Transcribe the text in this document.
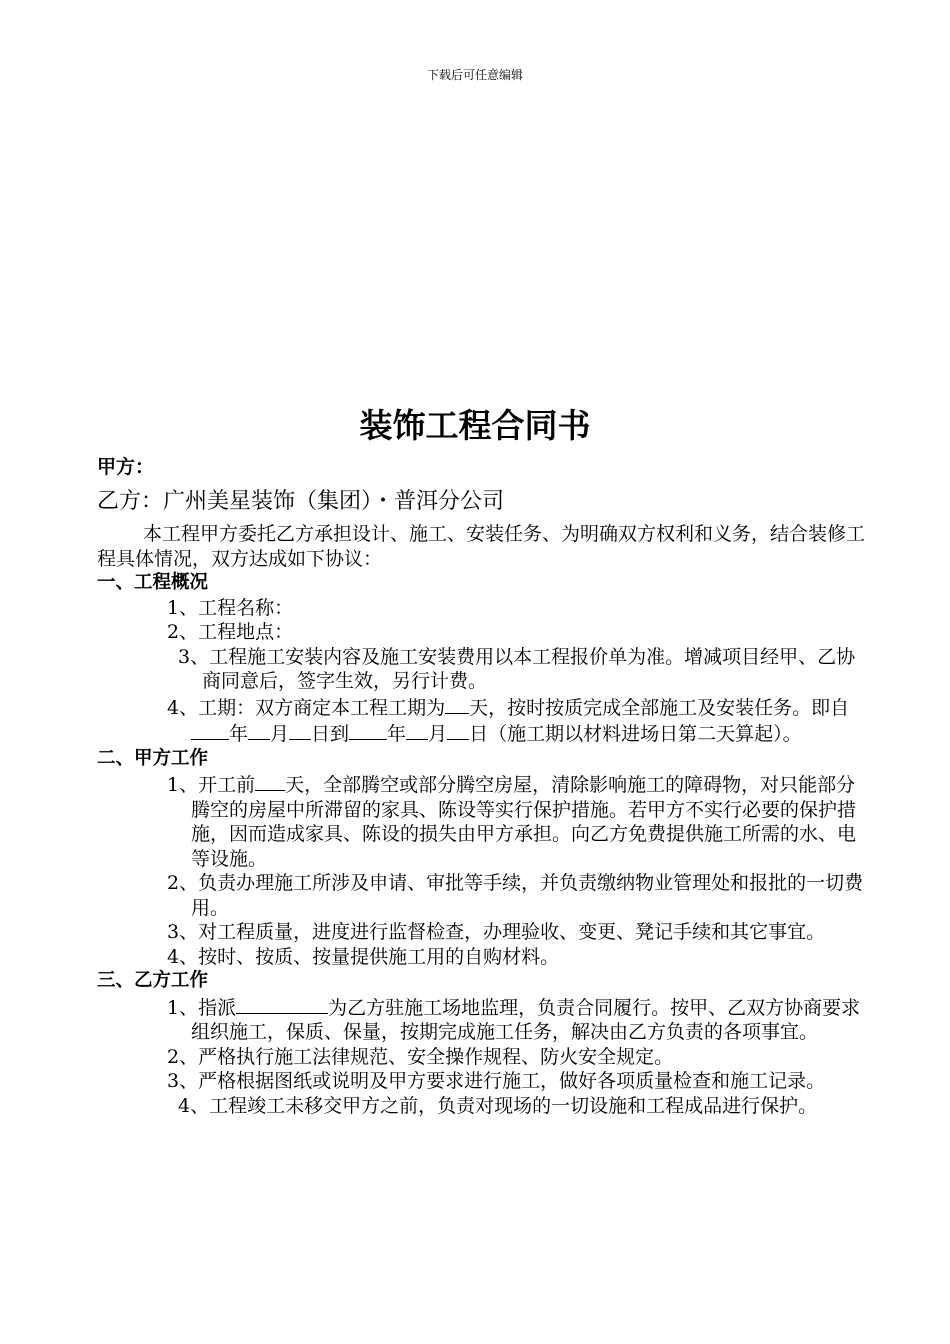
下载后可任意编辑
装饰工程合同书
甲方：
乙方：广州美星装饰（集团）・普洱分公司

本工程甲方委托乙方承担设计、施工、安装任务、为明确双方权利和义务，结合装修工程具体情况，双方达成如下协议：

一、工程概况

1、工程名称：

2、工程地点：

3、工程施工安装内容及施工安装费用以本工程报价单为准。增减项目经甲、乙协商同意后，签字生效，另行计费。

4、工期：双方商定本工程工期为 天，按时按质完成全部施工及安装任务。即自年 月 日到 年 月 日（施工期以材料进场日第二天算起）。

二、甲方工作

1、开工前 天，全部腾空或部分腾空房屋，清除影响施工的障碍物，对只能部分腾空的房屋中所滞留的家具、陈设等实行保护措施。若甲方不实行必要的保护措施，因而造成家具、陈设的损失由甲方承担。向乙方免费提供施工所需的水、电等设施。

2、负责办理施工所涉及申请、审批等手续，并负责缴纳物业管理处和报批的一切费用。

3、对工程质量，进度进行监督检查，办理验收、变更、凳记手续和其它事宜。

4、按时、按质、按量提供施工用的自购材料。

三、乙方工作

1、指派	为乙方驻施工场地监理，负责合同履行。按甲、乙双方协商要求组织施工，保质、保量，按期完成施工任务，解决由乙方负责的各项事宜。

2、严格执行施工法律规范、安全操作规程、防火安全规定。

3、严格根据图纸或说明及甲方要求进行施工，做好各项质量检查和施工记录。

4、工程竣工未移交甲方之前，负责对现场的一切设施和工程成品进行保护。
